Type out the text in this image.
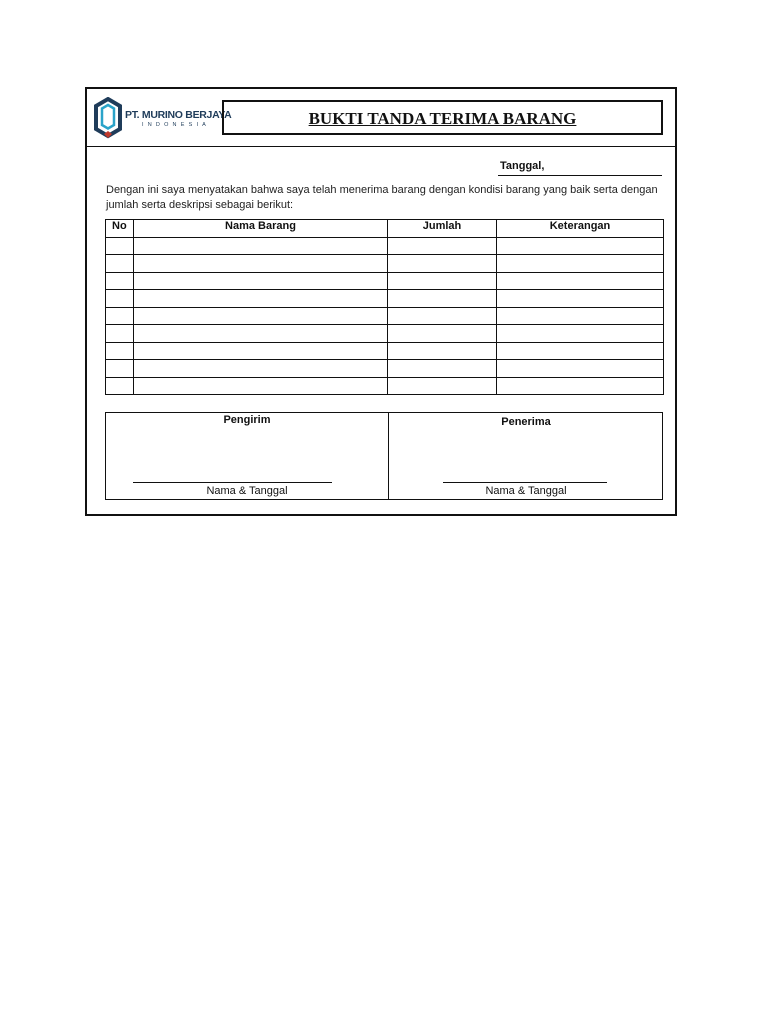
PT. MURINO BERJAYA
INDONESIA	BUKTI TANDA TERIMA BARANG
Tanggal,
Dengan ini saya menyatakan bahwa saya telah menerima barang dengan kondisi barang yang baik serta dengan jumlah serta deskripsi sebagai berikut:
No	Nama Barang	Jumlah	Keterangan

Pengirim
Nama & Tanggal
Penerima
Nama & Tanggal
